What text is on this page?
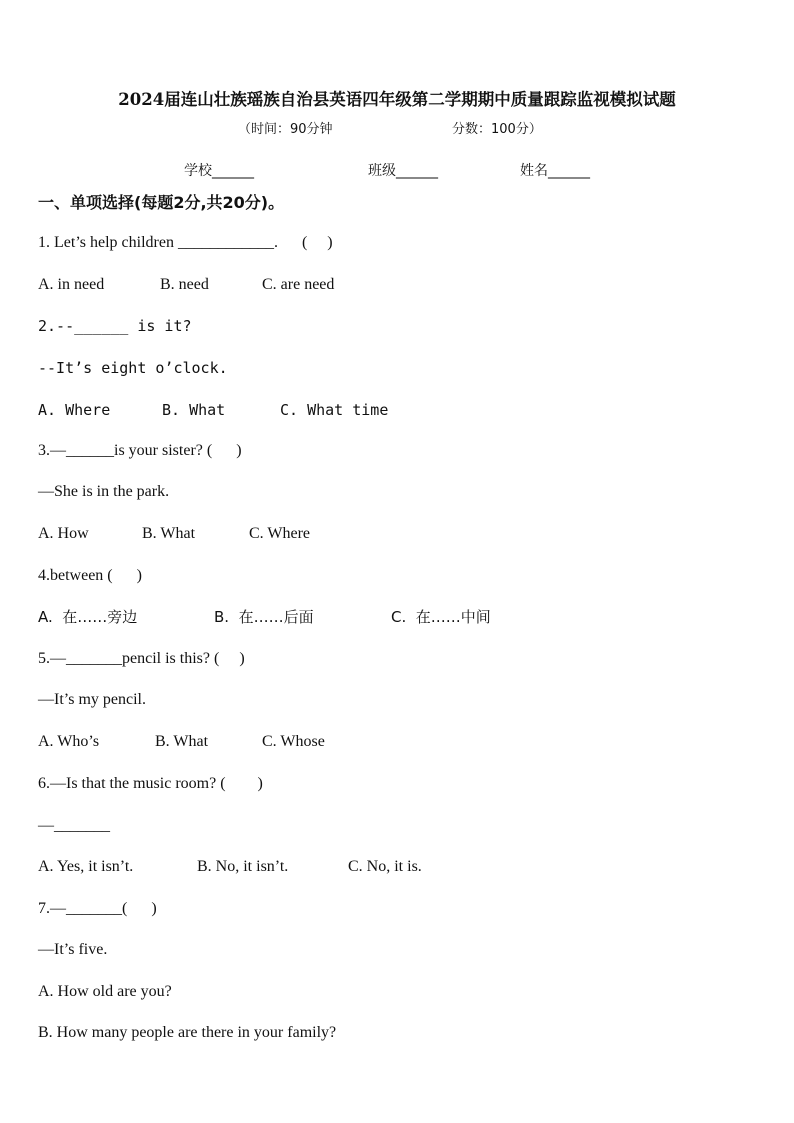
2024届连山壮族瑶族自治县英语四年级第二学期期中质量跟踪监视模拟试题
（时间：90分钟	分数：100分）
学校______	班级______	姓名______
一、单项选择(每题2分,共20分)。
1. Let’s help children ____________.      (     )
A. in need	B. need	C. are need
2.--______ is it?
--It’s eight o’clock.
A. Where	B. What	C. What time
3.—______is your sister? (      )
—She is in the park.
A. How	B. What	C. Where
4.between (      )
A.  在……旁边	B.  在……后面	C.  在……中间
5.—_______pencil is this? (     )
—It’s my pencil.
A. Who’s	B. What	C. Whose
6.—Is that the music room? (        )
—_______
A. Yes, it isn’t.	B. No, it isn’t.	C. No, it is.
7.—_______(      )
—It’s five.
A. How old are you?
B. How many people are there in your family?
